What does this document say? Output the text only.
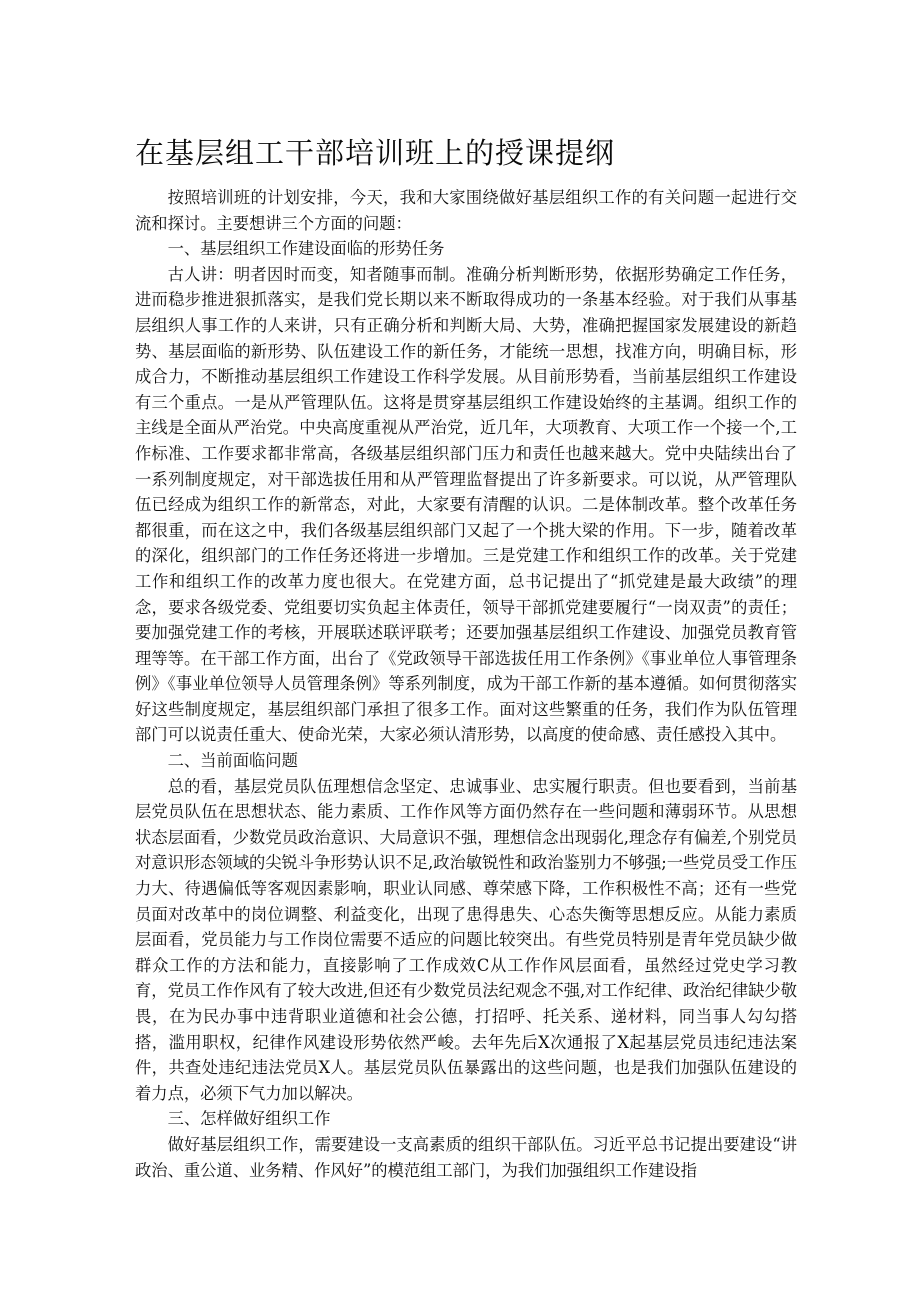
在基层组工干部培训班上的授课提纲

按照培训班的计划安排，今天，我和大家围绕做好基层组织工作的有关问题一起进行交流和探讨。主要想讲三个方面的问题：

一、基层组织工作建设面临的形势任务

古人讲：明者因时而变，知者随事而制。准确分析判断形势，依据形势确定工作任务，进而稳步推进狠抓落实，是我们党长期以来不断取得成功的一条基本经验。对于我们从事基层组织人事工作的人来讲，只有正确分析和判断大局、大势，准确把握国家发展建设的新趋势、基层面临的新形势、队伍建设工作的新任务，才能统一思想，找准方向，明确目标，形成合力，不断推动基层组织工作建设工作科学发展。从目前形势看，当前基层组织工作建设有三个重点。一是从严管理队伍。这将是贯穿基层组织工作建设始终的主基调。组织工作的主线是全面从严治党。中央高度重视从严治党，近几年，大项教育、大项工作一个接一个,工作标准、工作要求都非常高，各级基层组织部门压力和责任也越来越大。党中央陆续出台了一系列制度规定，对干部选拔任用和从严管理监督提出了许多新要求。可以说，从严管理队伍已经成为组织工作的新常态，对此，大家要有清醒的认识。二是体制改革。整个改革任务都很重，而在这之中，我们各级基层组织部门又起了一个挑大梁的作用。下一步，随着改革的深化，组织部门的工作任务还将进一步增加。三是党建工作和组织工作的改革。关于党建工作和组织工作的改革力度也很大。在党建方面，总书记提出了“抓党建是最大政绩”的理念，要求各级党委、党组要切实负起主体责任，领导干部抓党建要履行“一岗双责”的责任；要加强党建工作的考核，开展联述联评联考；还要加强基层组织工作建设、加强党员教育管理等等。在干部工作方面，出台了《党政领导干部选拔任用工作条例》《事业单位人事管理条例》《事业单位领导人员管理条例》等系列制度，成为干部工作新的基本遵循。如何贯彻落实好这些制度规定，基层组织部门承担了很多工作。面对这些繁重的任务，我们作为队伍管理部门可以说责任重大、使命光荣，大家必须认清形势，以高度的使命感、责任感投入其中。

二、当前面临问题

总的看，基层党员队伍理想信念坚定、忠诚事业、忠实履行职责。但也要看到，当前基层党员队伍在思想状态、能力素质、工作作风等方面仍然存在一些问题和薄弱环节。从思想状态层面看，少数党员政治意识、大局意识不强，理想信念出现弱化,理念存有偏差,个别党员对意识形态领域的尖锐斗争形势认识不足,政治敏锐性和政治鉴别力不够强;一些党员受工作压力大、待遇偏低等客观因素影响，职业认同感、尊荣感下降，工作积极性不高；还有一些党员面对改革中的岗位调整、利益变化，出现了患得患失、心态失衡等思想反应。从能力素质层面看，党员能力与工作岗位需要不适应的问题比较突出。有些党员特别是青年党员缺少做群众工作的方法和能力，直接影响了工作成效C从工作作风层面看，虽然经过党史学习教育，党员工作作风有了较大改进,但还有少数党员法纪观念不强,对工作纪律、政治纪律缺少敬畏，在为民办事中违背职业道德和社会公德，打招呼、托关系、递材料，同当事人勾勾搭搭，滥用职权，纪律作风建设形势依然严峻。去年先后X次通报了X起基层党员违纪违法案件，共查处违纪违法党员X人。基层党员队伍暴露出的这些问题，也是我们加强队伍建设的着力点，必须下气力加以解决。

三、怎样做好组织工作

做好基层组织工作，需要建设一支高素质的组织干部队伍。习近平总书记提出要建设“讲政治、重公道、业务精、作风好”的模范组工部门，为我们加强组织工作建设指
